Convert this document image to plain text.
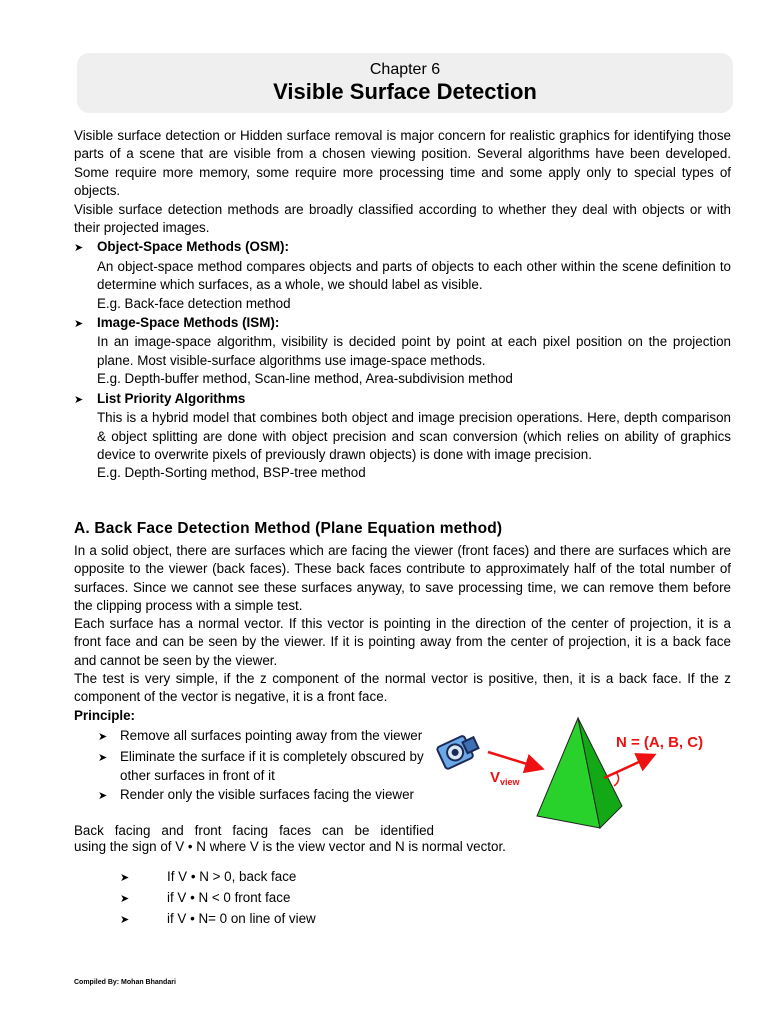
Chapter 6
Visible Surface Detection
Visible surface detection or Hidden surface removal is major concern for realistic graphics for identifying those parts of a scene that are visible from a chosen viewing position. Several algorithms have been developed. Some require more memory, some require more processing time and some apply only to special types of objects.
Visible surface detection methods are broadly classified according to whether they deal with objects or with their projected images.
➤	Object-Space Methods (OSM):
An object-space method compares objects and parts of objects to each other within the scene definition to determine which surfaces, as a whole, we should label as visible.
E.g. Back-face detection method
➤	Image-Space Methods (ISM):
In an image-space algorithm, visibility is decided point by point at each pixel position on the projection plane. Most visible-surface algorithms use image-space methods.
E.g. Depth-buffer method, Scan-line method, Area-subdivision method
➤	List Priority Algorithms
This is a hybrid model that combines both object and image precision operations. Here, depth comparison & object splitting are done with object precision and scan conversion (which relies on ability of graphics device to overwrite pixels of previously drawn objects) is done with image precision.
E.g. Depth-Sorting method, BSP-tree method
A. Back Face Detection Method (Plane Equation method)
In a solid object, there are surfaces which are facing the viewer (front faces) and there are surfaces which are opposite to the viewer (back faces). These back faces contribute to approximately half of the total number of surfaces. Since we cannot see these surfaces anyway, to save processing time, we can remove them before the clipping process with a simple test.
Each surface has a normal vector. If this vector is pointing in the direction of the center of projection, it is a front face and can be seen by the viewer. If it is pointing away from the center of projection, it is a back face and cannot be seen by the viewer.
The test is very simple, if the z component of the normal vector is positive, then, it is a back face. If the z component of the vector is negative, it is a front face.
Principle:
➤ Remove all surfaces pointing away from the viewer
➤ Eliminate the surface if it is completely obscured by other surfaces in front of it
➤ Render only the visible surfaces facing the viewer
Back facing and front facing faces can be identified
using the sign of V • N where V is the view vector and N is normal vector.
➤	If V • N > 0, back face
➤	if V • N < 0 front face
➤	if V • N= 0 on line of view
$V_{view}$
N = (A, B, C)
Compiled By: Mohan Bhandari
